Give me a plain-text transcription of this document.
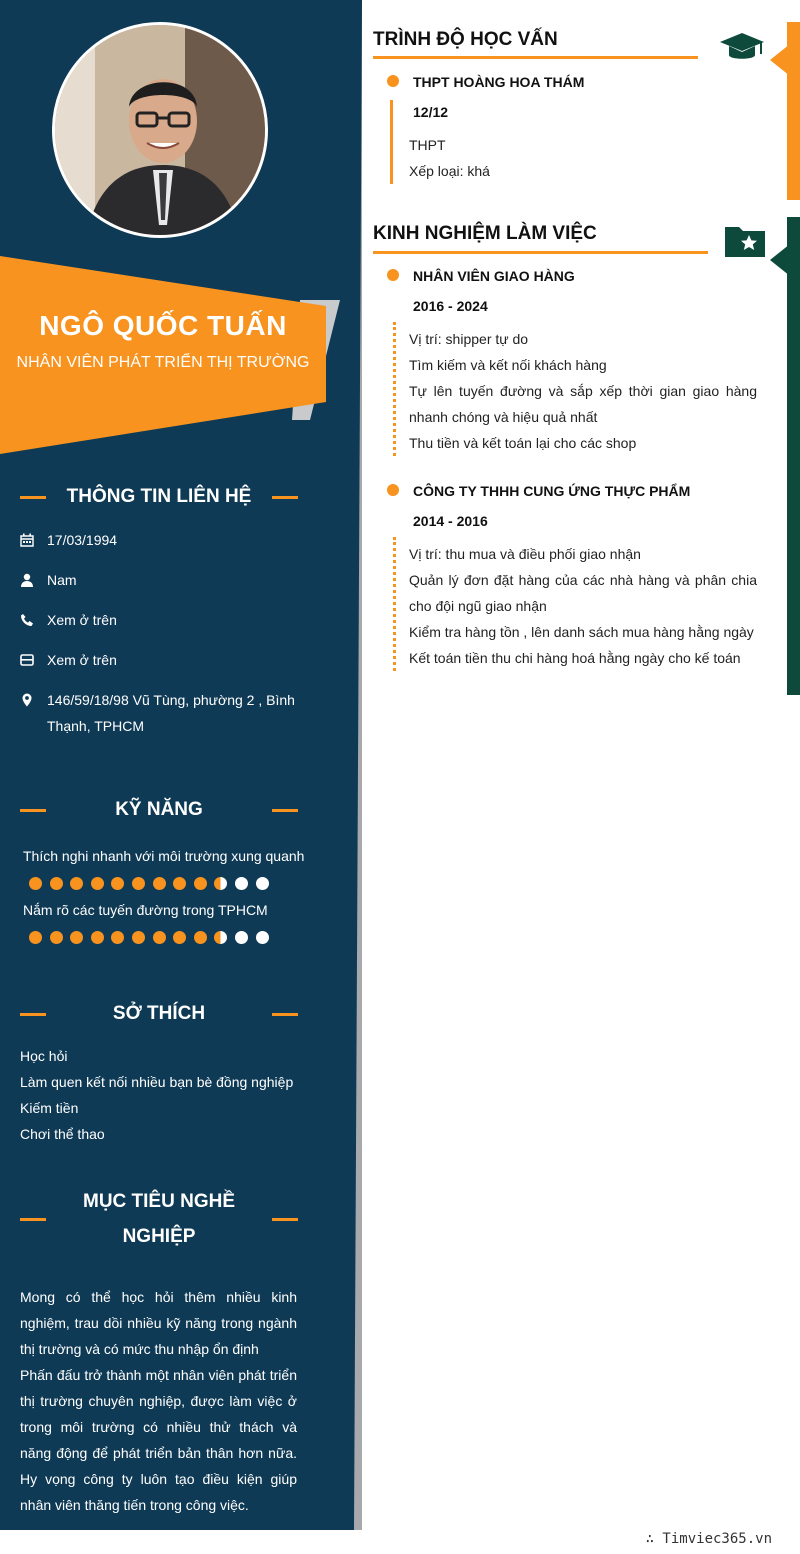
NGÔ QUỐC TUẤN
NHÂN VIÊN PHÁT TRIỂN THỊ TRƯỜNG
THÔNG TIN LIÊN HỆ
17/03/1994
Nam
Xem ở trên
Xem ở trên
146/59/18/98 Vũ Tùng, phường 2 , Bình Thạnh, TPHCM
KỸ NĂNG
Thích nghi nhanh với môi trường xung quanh
Nắm rõ các tuyến đường trong TPHCM
SỞ THÍCH
Học hỏi
Làm quen kết nối nhiều bạn bè đồng nghiệp
Kiếm tiền
Chơi thể thao
MỤC TIÊU NGHỀ
NGHIỆP

Mong có thể học hỏi thêm nhiều kinh nghiệm, trau dồi nhiều kỹ năng trong ngành thị trường và có mức thu nhập ổn định

Phấn đấu trở thành một nhân viên phát triển thị trường chuyên nghiệp, được làm việc ở trong môi trường có nhiều thử thách và năng động để phát triển bản thân hơn nữa. Hy vọng công ty luôn tạo điều kiện giúp nhân viên thăng tiến trong công việc.

TRÌNH ĐỘ HỌC VẤN
THPT HOÀNG HOA THÁM
12/12
THPT
Xếp loại: khá
KINH NGHIỆM LÀM VIỆC
NHÂN VIÊN GIAO HÀNG
2016 - 2024
Vị trí: shipper tự do
Tìm kiếm và kết nối khách hàng
Tự lên tuyến đường và sắp xếp thời gian giao hàng nhanh chóng và hiệu quả nhất
Thu tiền và kết toán lại cho các shop
CÔNG TY THHH CUNG ỨNG THỰC PHẨM
2014 - 2016
Vị trí: thu mua và điều phối giao nhận
Quản lý đơn đặt hàng của các nhà hàng và phân chia cho đội ngũ giao nhận
Kiểm tra hàng tồn , lên danh sách mua hàng hằng ngày
Kết toán tiền thu chi hàng hoá hằng ngày cho kế toán
∴ Timviec365.vn
